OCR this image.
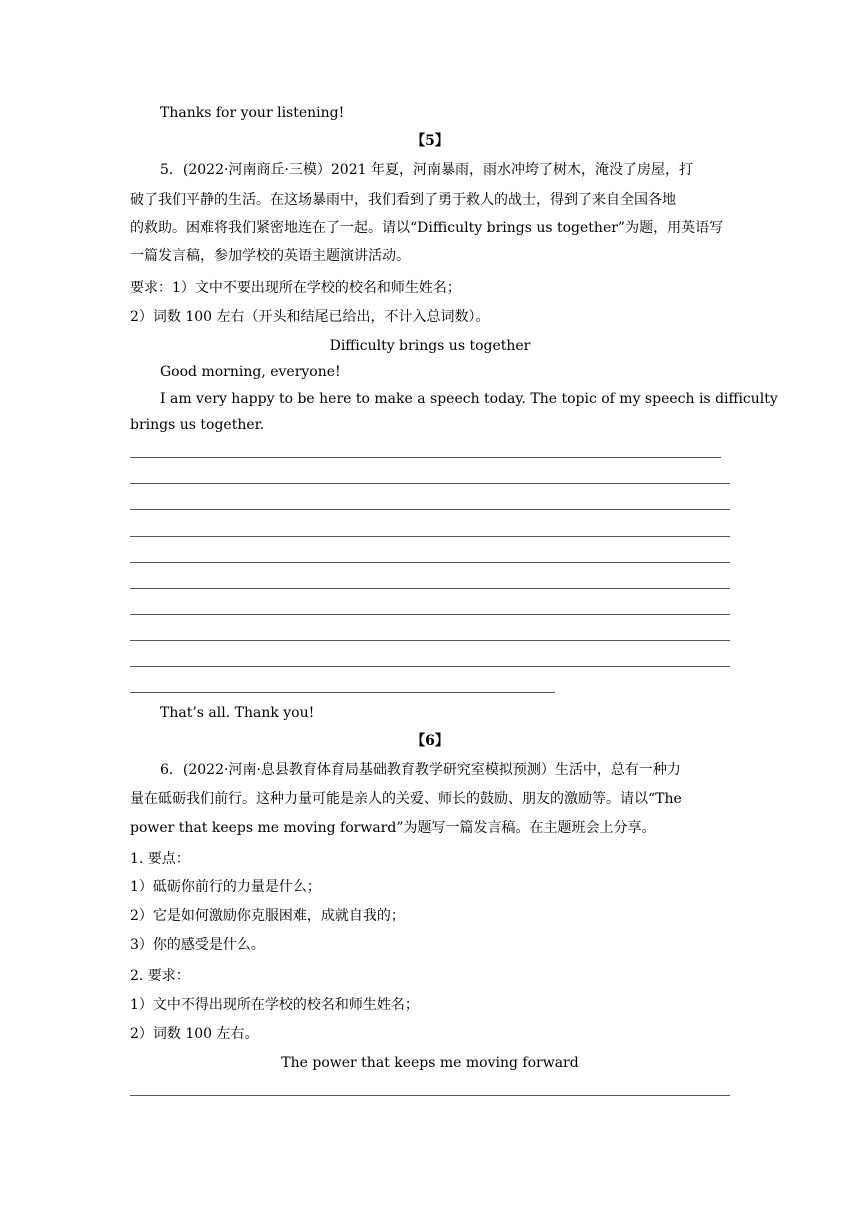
Thanks for your listening!
【5】
5．(2022·河南商丘·三模）2021 年夏，河南暴雨，雨水冲垮了树木，淹没了房屋，打
破了我们平静的生活。在这场暴雨中，我们看到了勇于救人的战士，得到了来自全国各地
的救助。困难将我们紧密地连在了一起。请以“Difficulty brings us together”为题，用英语写
一篇发言稿，参加学校的英语主题演讲活动。
要求：1）文中不要出现所在学校的校名和师生姓名；
2）词数 100 左右（开头和结尾已给出，不计入总词数）。
Difficulty brings us together
Good morning, everyone!
I am very happy to be here to make a speech today. The topic of my speech is difficulty
brings us together.
That’s all. Thank you!
【6】
6．(2022·河南·息县教育体育局基础教育教学研究室模拟预测）生活中，总有一种力
量在砥砺我们前行。这种力量可能是亲人的关爱、师长的鼓励、朋友的激励等。请以“The
power that keeps me moving forward”为题写一篇发言稿。在主题班会上分享。
1. 要点：
1）砥砺你前行的力量是什么；
2）它是如何激励你克服困难，成就自我的；
3）你的感受是什么。
2. 要求：
1）文中不得出现所在学校的校名和师生姓名；
2）词数 100 左右。
The power that keeps me moving forward
